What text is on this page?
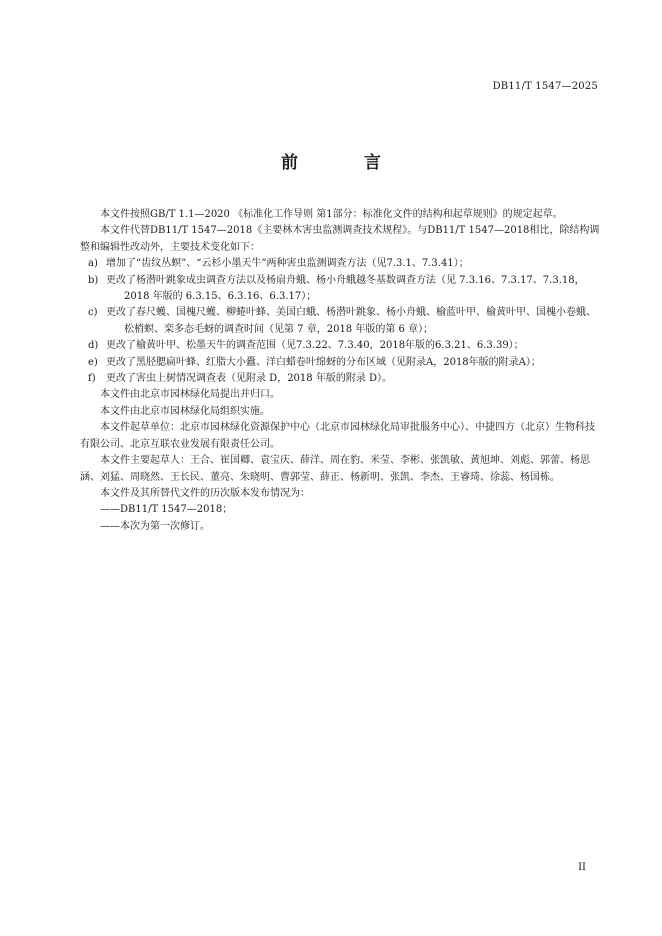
DB11/T 1547—2025
前 言

本文件按照GB/T 1.1—2020 《标准化工作导则 第1部分：标准化文件的结构和起草规则》的规定起草。

本文件代替DB11/T 1547—2018《主要林木害虫监测调查技术规程》。与DB11/T 1547—2018相比，除结构调整和编辑性改动外，主要技术变化如下：

a) 增加了“齿纹丛螟”、“云杉小墨天牛”两种害虫监测调查方法（见7.3.1、7.3.41）；
b) 更改了杨潜叶跳象成虫调查方法以及杨扇舟蛾、杨小舟蛾越冬基数调查方法（见 7.3.16、7.3.17、7.3.18，2018 年版的 6.3.15、6.3.16、6.3.17）；
c) 更改了春尺蠖、国槐尺蠖、柳蜷叶蜂、美国白蛾、杨潜叶跳象、杨小舟蛾、榆蓝叶甲、榆黄叶甲、国槐小卷蛾、松梢螟、栾多态毛蚜的调查时间（见第 7 章，2018 年版的第 6 章）；
d) 更改了榆黄叶甲、松墨天牛的调查范围（见7.3.22、7.3.40，2018年版的6.3.21、6.3.39）；
e) 更改了黑胫腮扁叶蜂、红脂大小蠹、洋白蜡卷叶绵蚜的分布区域（见附录A，2018年版的附录A）；
f)	更改了害虫上树情况调查表（见附录 D，2018 年版的附录 D）。

本文件由北京市园林绿化局提出并归口。

本文件由北京市园林绿化局组织实施。

本文件起草单位：北京市园林绿化资源保护中心（北京市园林绿化局审批服务中心）、中捷四方（北京）生物科技有限公司、北京互联农业发展有限责任公司。

本文件主要起草人：王合、崔国卿、袁宝庆、薛洋、周在豹、米莹、李彬、张凯敏、黄旭坤、刘彪、郭蕾、杨思涵、刘猛、周晓然、王长民、董亮、朱晓明、曹郭莹、薛正、杨新明、张凯、李杰、王睿琦、徐蕊、杨国栋。

本文件及其所替代文件的历次版本发布情况为：

——DB11/T 1547—2018；

——本次为第一次修订。

II
